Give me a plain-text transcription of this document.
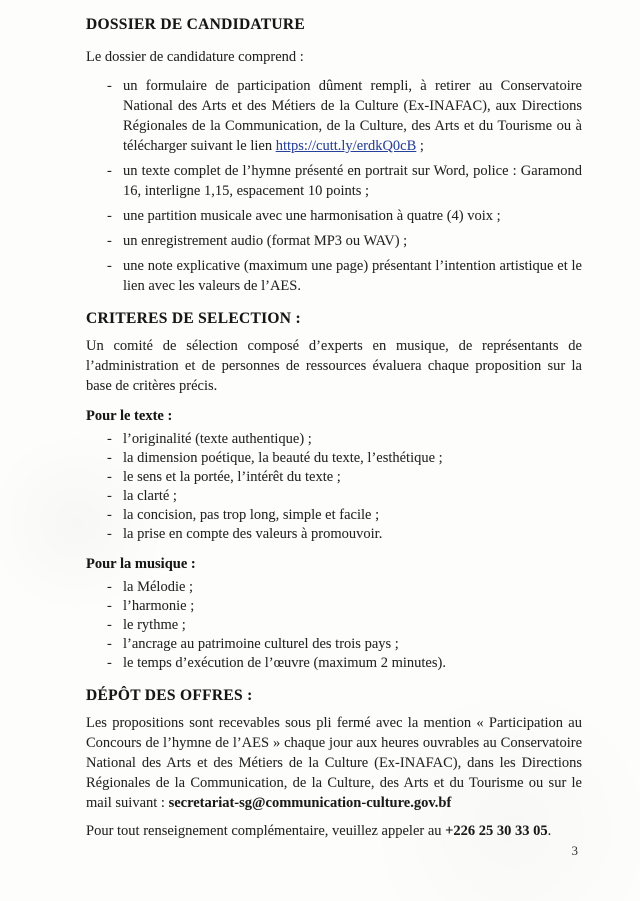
DOSSIER DE CANDIDATURE

Le dossier de candidature comprend :

- un formulaire de participation dûment rempli, à retirer au Conservatoire National des Arts et des Métiers de la Culture (Ex-INAFAC), aux Directions Régionales de la Communication, de la Culture, des Arts et du Tourisme ou à télécharger suivant le lien https://cutt.ly/erdkQ0cB ;
- un texte complet de l’hymne présenté en portrait sur Word, police : Garamond 16, interligne 1,15, espacement 10 points ;
- une partition musicale avec une harmonisation à quatre (4) voix ;
- un enregistrement audio (format MP3 ou WAV) ;
- une note explicative (maximum une page) présentant l’intention artistique et le lien avec les valeurs de l’AES.
CRITERES DE SELECTION :

Un comité de sélection composé d’experts en musique, de représentants de l’administration et de personnes de ressources évaluera chaque proposition sur la base de critères précis.

Pour le texte :
- l’originalité (texte authentique) ;
- la dimension poétique, la beauté du texte, l’esthétique ;
- le sens et la portée, l’intérêt du texte ;
- la clarté ;
- la concision, pas trop long, simple et facile ;
- la prise en compte des valeurs à promouvoir.
Pour la musique :
- la Mélodie ;
- l’harmonie ;
- le rythme ;
- l’ancrage au patrimoine culturel des trois pays ;
- le temps d’exécution de l’œuvre (maximum 2 minutes).
DÉPÔT DES OFFRES :

Les propositions sont recevables sous pli fermé avec la mention « Participation au Concours de l’hymne de l’AES » chaque jour aux heures ouvrables au Conservatoire National des Arts et des Métiers de la Culture (Ex-INAFAC), dans les Directions Régionales de la Communication, de la Culture, des Arts et du Tourisme ou sur le mail suivant : secretariat-sg@communication-culture.gov.bf

Pour tout renseignement complémentaire, veuillez appeler au +226 25 30 33 05.

3
